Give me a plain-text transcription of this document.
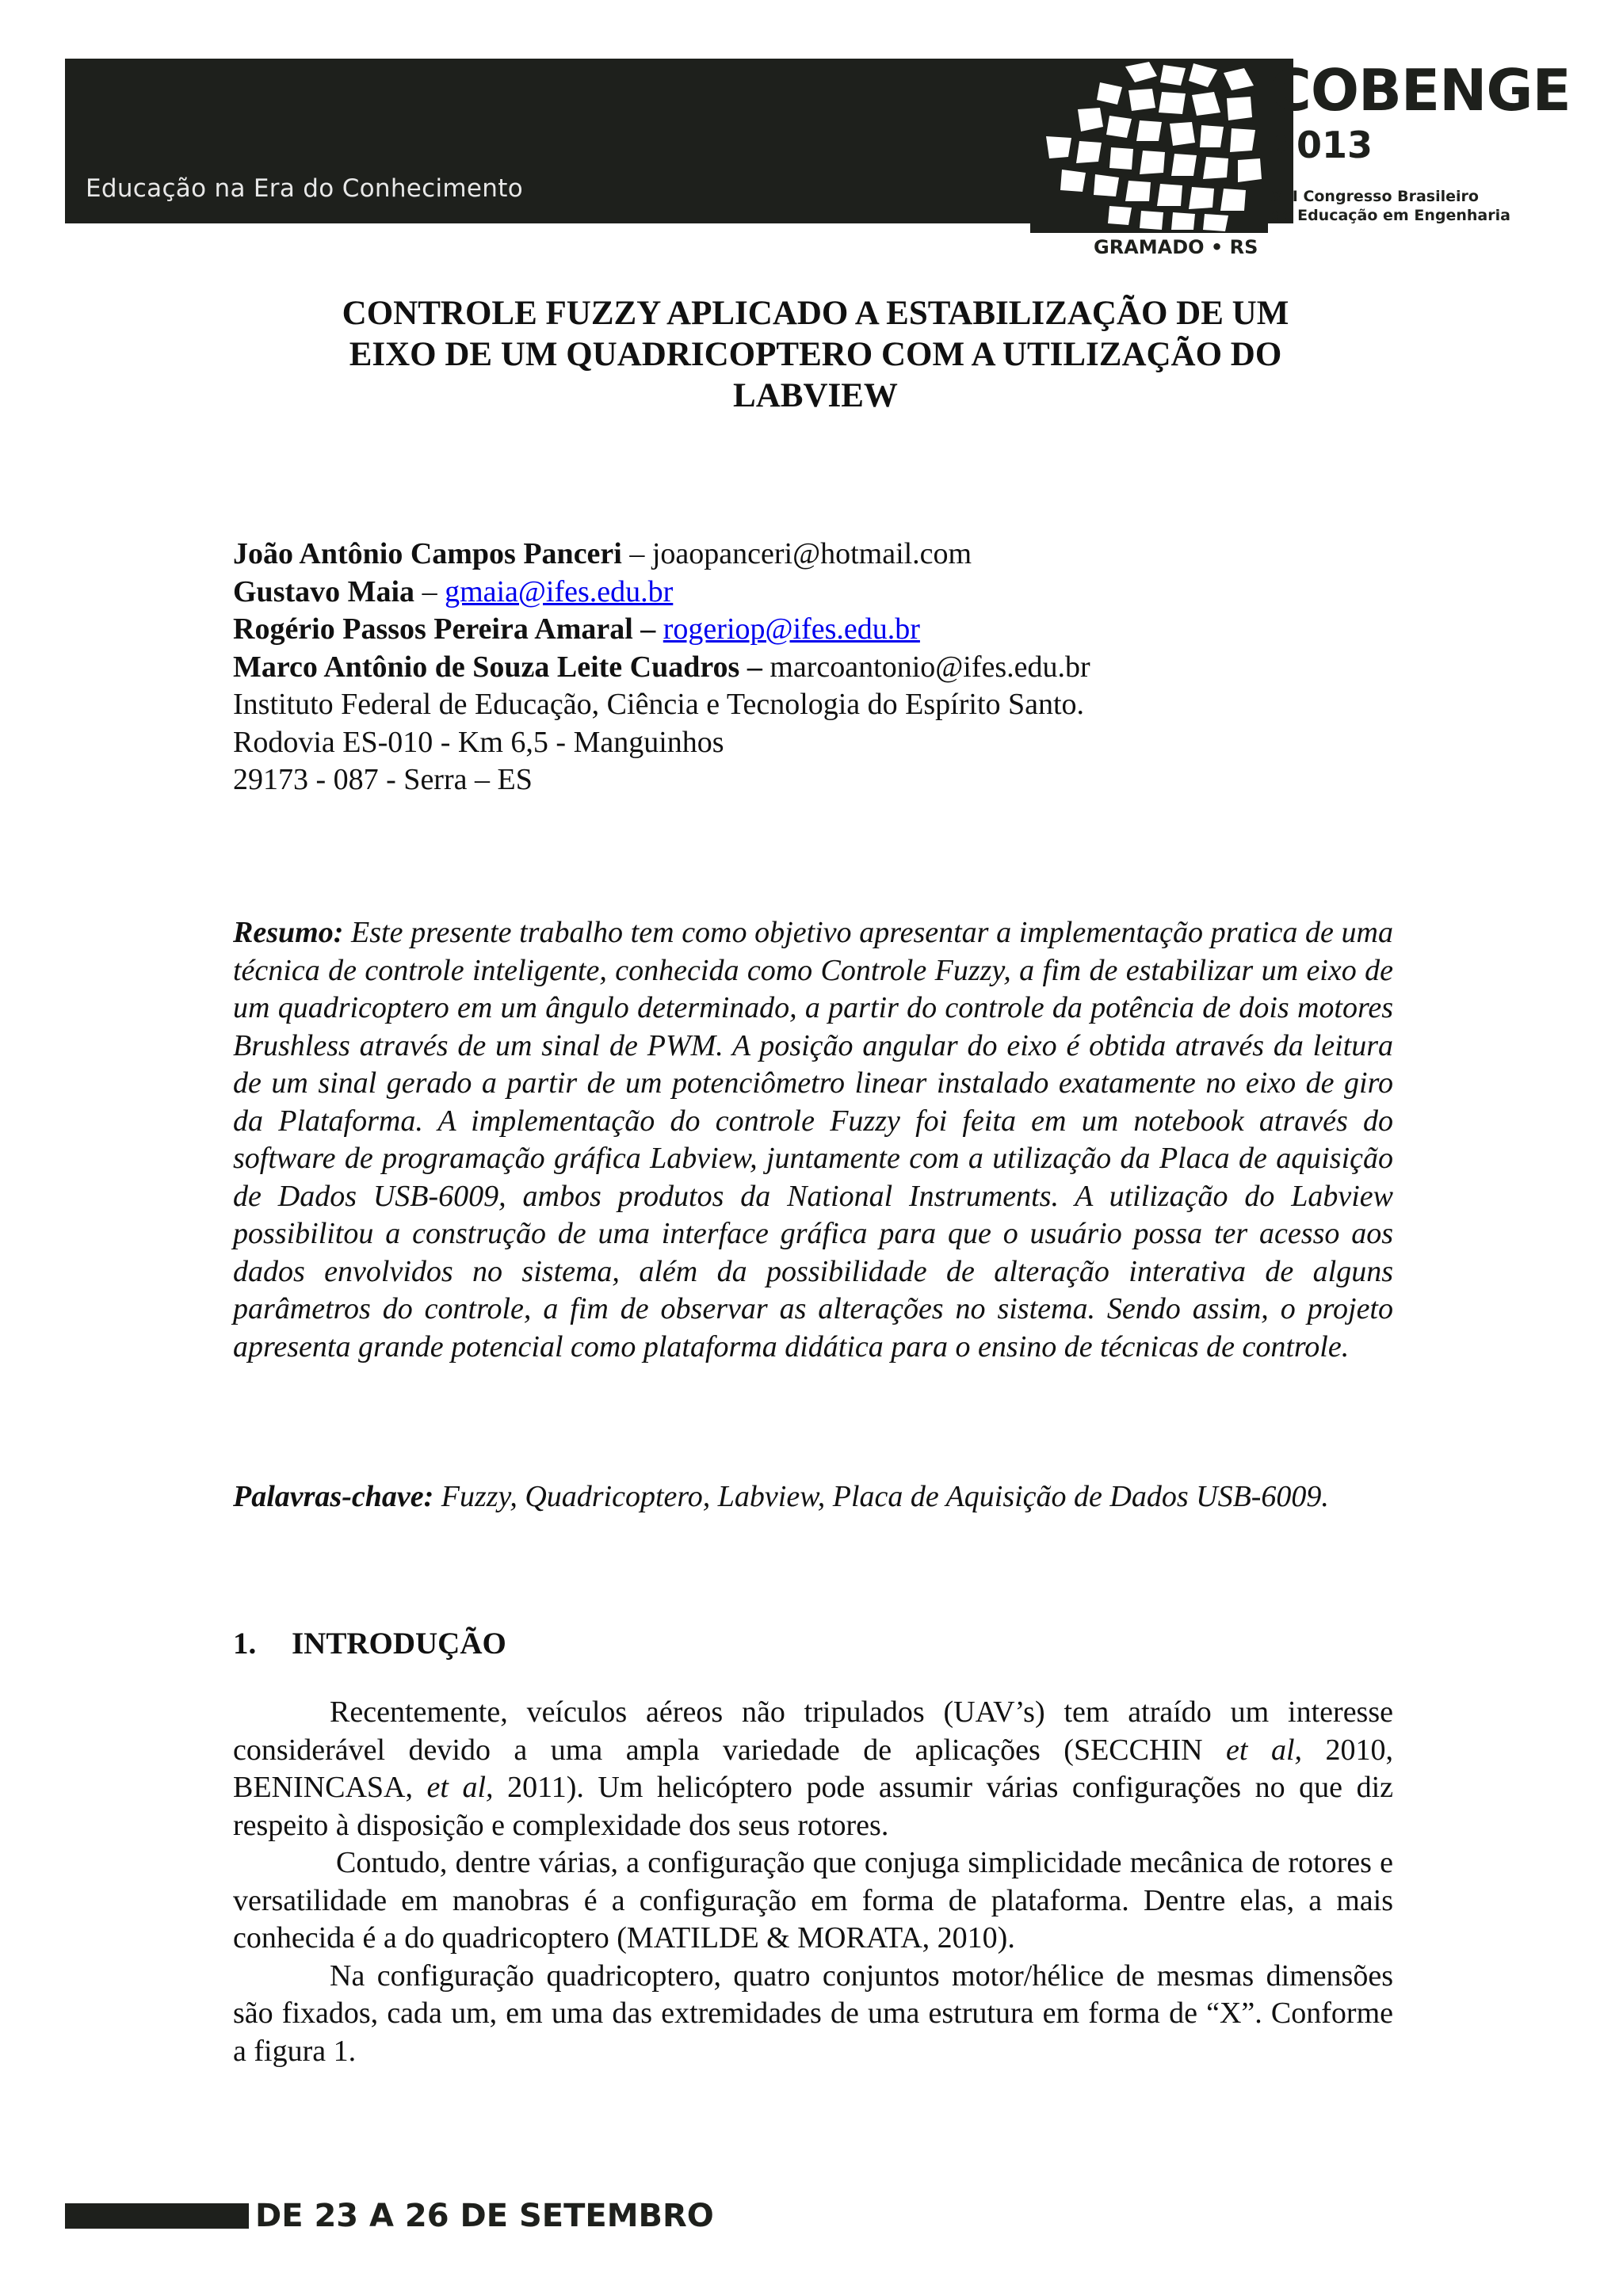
Educação na Era do Conhecimento
COBENGE
2013
XLI Congresso Brasileiro
de Educação em Engenharia
GRAMADO • RS
CONTROLE FUZZY APLICADO A ESTABILIZAÇÃO DE UM
EIXO DE UM QUADRICOPTERO COM A UTILIZAÇÃO DO
LABVIEW
João Antônio Campos Panceri – joaopanceri@hotmail.com
Gustavo Maia – gmaia@ifes.edu.br
Rogério Passos Pereira Amaral – rogeriop@ifes.edu.br
Marco Antônio de Souza Leite Cuadros – marcoantonio@ifes.edu.br
Instituto Federal de Educação, Ciência e Tecnologia do Espírito Santo.
Rodovia ES-010 - Km 6,5 - Manguinhos
29173 - 087 - Serra – ES
Resumo: Este presente trabalho tem como objetivo apresentar a implementação pratica de uma técnica de controle inteligente, conhecida como Controle Fuzzy, a fim de estabilizar um eixo de um quadricoptero em um ângulo determinado, a partir do controle da potência de dois motores Brushless através de um sinal de PWM. A posição angular do eixo é obtida através da leitura de um sinal gerado a partir de um potenciômetro linear instalado exatamente no eixo de giro da Plataforma. A implementação do controle Fuzzy foi feita em um notebook através do software de programação gráfica Labview, juntamente com a utilização da Placa de aquisição de Dados USB-6009, ambos produtos da National Instruments. A utilização do Labview possibilitou a construção de uma interface gráfica para que o usuário possa ter acesso aos dados envolvidos no sistema, além da possibilidade de alteração interativa de alguns parâmetros do controle, a fim de observar as alterações no sistema. Sendo assim, o projeto apresenta grande potencial como plataforma didática para o ensino de técnicas de controle.
Palavras-chave: Fuzzy, Quadricoptero, Labview, Placa de Aquisição de Dados USB-6009.
1. INTRODUÇÃO

Recentemente, veículos aéreos não tripulados (UAV’s) tem atraído um interesse considerável devido a uma ampla variedade de aplicações (SECCHIN et al, 2010, BENINCASA, et al, 2011). Um helicóptero pode assumir várias configurações no que diz respeito à disposição e complexidade dos seus rotores.

Contudo, dentre várias, a configuração que conjuga simplicidade mecânica de rotores e versatilidade em manobras é a configuração em forma de plataforma. Dentre elas, a mais conhecida é a do quadricoptero (MATILDE & MORATA, 2010).

Na configuração quadricoptero, quatro conjuntos motor/hélice de mesmas dimensões são fixados, cada um, em uma das extremidades de uma estrutura em forma de “X”. Conforme a figura 1.

DE 23 A 26 DE SETEMBRO
